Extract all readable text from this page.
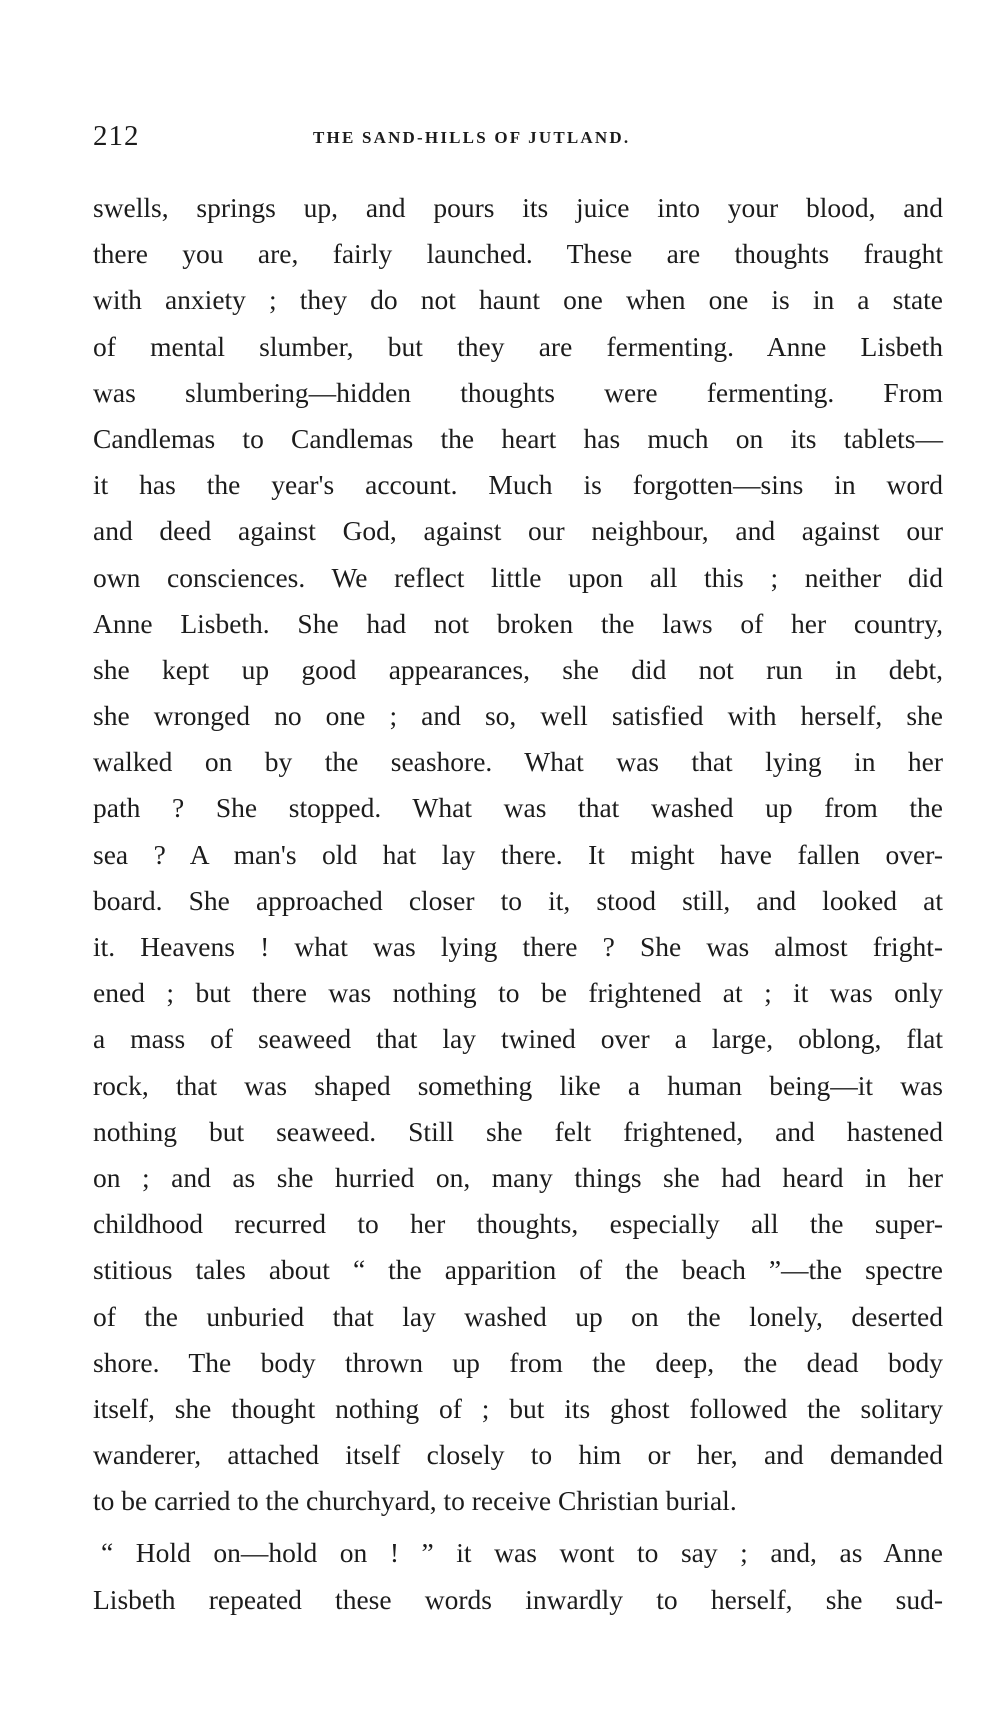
212	THE SAND-HILLS OF JUTLAND.
swells, springs up, and pours its juice into your blood, and
there you are, fairly launched. These are thoughts fraught
with anxiety ; they do not haunt one when one is in a state
of mental slumber, but they are fermenting. Anne Lisbeth
was slumbering—hidden thoughts were fermenting. From
Candlemas to Candlemas the heart has much on its tablets—
it has the year's account. Much is forgotten—sins in word
and deed against God, against our neighbour, and against our
own consciences. We reflect little upon all this ; neither did
Anne Lisbeth. She had not broken the laws of her country,
she kept up good appearances, she did not run in debt,
she wronged no one ; and so, well satisfied with herself, she
walked on by the seashore. What was that lying in her
path ? She stopped. What was that washed up from the
sea ? A man's old hat lay there. It might have fallen over-
board. She approached closer to it, stood still, and looked at
it. Heavens ! what was lying there ? She was almost fright-
ened ; but there was nothing to be frightened at ; it was only
a mass of seaweed that lay twined over a large, oblong, flat
rock, that was shaped something like a human being—it was
nothing but seaweed. Still she felt frightened, and hastened
on ; and as she hurried on, many things she had heard in her
childhood recurred to her thoughts, especially all the super-
stitious tales about “ the apparition of the beach ”—the spectre
of the unburied that lay washed up on the lonely, deserted
shore. The body thrown up from the deep, the dead body
itself, she thought nothing of ; but its ghost followed the solitary
wanderer, attached itself closely to him or her, and demanded
to be carried to the churchyard, to receive Christian burial.
“ Hold on—hold on ! ” it was wont to say ; and, as Anne
Lisbeth repeated these words inwardly to herself, she sud-
